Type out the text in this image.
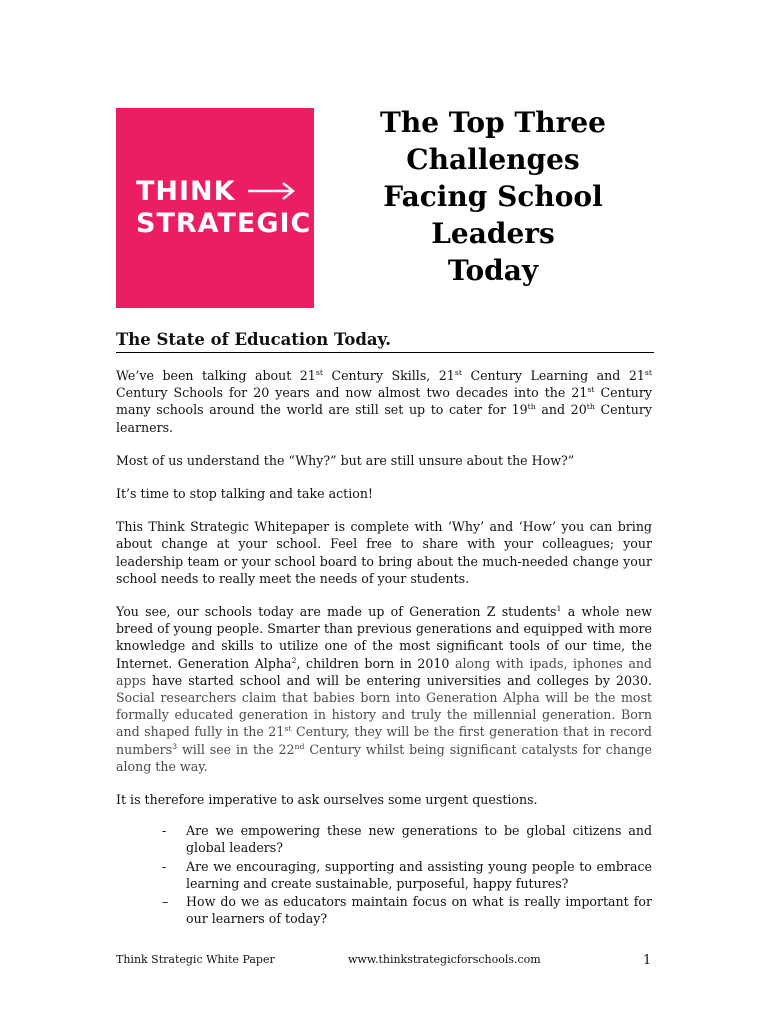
THINK
STRATEGIC
The Top Three
Challenges
Facing School
Leaders
Today
The State of Education Today.

We’ve been talking about 21st Century Skills, 21st Century Learning and 21st Century Schools for 20 years and now almost two decades into the 21st Century many schools around the world are still set up to cater for 19th and 20th Century learners.

Most of us understand the “Why?” but are still unsure about the How?”

It’s time to stop talking and take action!

This Think Strategic Whitepaper is complete with ‘Why’ and ‘How’ you can bring about change at your school. Feel free to share with your colleagues; your leadership team or your school board to bring about the much-needed change your school needs to really meet the needs of your students.

You see, our schools today are made up of Generation Z students$^1$ a whole new breed of young people. Smarter than previous generations and equipped with more knowledge and skills to utilize one of the most significant tools of our time, the Internet. Generation Alpha$^2$, children born in 2010 along with ipads, iphones and apps have started school and will be entering universities and colleges by 2030. Social researchers claim that babies born into Generation Alpha will be the most formally educated generation in history and truly the millennial generation. Born and shaped fully in the 21st Century, they will be the first generation that in record numbers$^3$ will see in the 22nd Century whilst being significant catalysts for change along the way.

It is therefore imperative to ask ourselves some urgent questions.

- Are we empowering these new generations to be global citizens and global leaders?
- Are we encouraging, supporting and assisting young people to embrace learning and create sustainable, purposeful, happy futures?
– How do we as educators maintain focus on what is really important for our learners of today?
Think Strategic White Paper	www.thinkstrategicforschools.com	1
